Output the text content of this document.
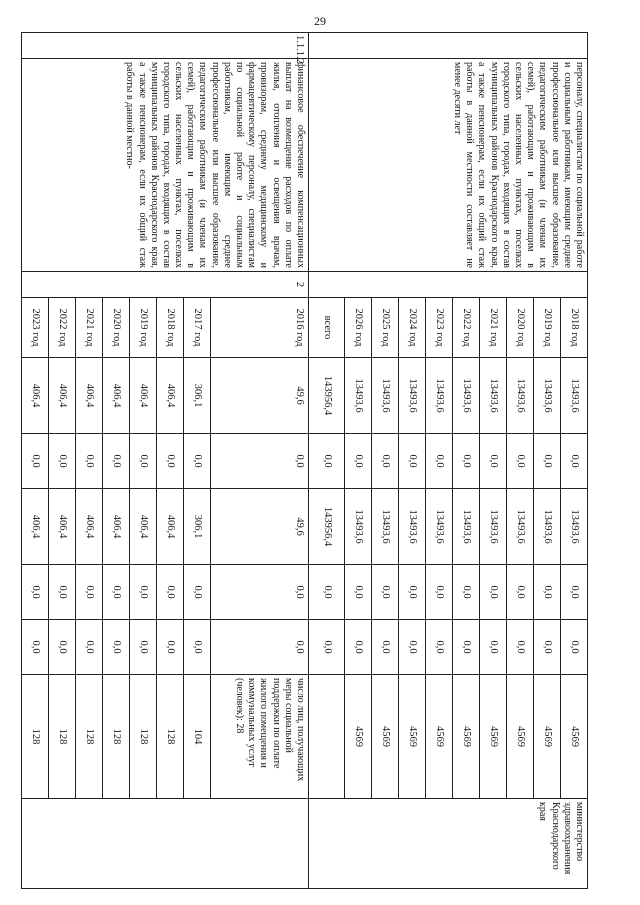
29
	персоналу, специалистам по социальной работе и социальным работникам, имеющим среднее профессиональное или высшее образование, педагогическим работникам (и членам их семей), работающим и проживающим в сельских населенных пунктах, поселках городского типа, городах, входящих в состав муниципальных районов Краснодарского края, а также пенсионерам, если их общий стаж работы в данной местности составляет не менее десяти лет		2018 год	13493,6	0,0	13493,6	0,0	0,0	4569	министерство здравоохранения Краснодарского края
			2019 год	13493,6	0,0	13493,6	0,0	0,0	4569	
			2020 год	13493,6	0,0	13493,6	0,0	0,0	4569	
			2021 год	13493,6	0,0	13493,6	0,0	0,0	4569	
			2022 год	13493,6	0,0	13493,6	0,0	0,0	4569	
			2023 год	13493,6	0,0	13493,6	0,0	0,0	4569	
			2024 год	13493,6	0,0	13493,6	0,0	0,0	4569	
			2025 год	13493,6	0,0	13493,6	0,0	0,0	4569	
			2026 год	13493,6	0,0	13493,6	0,0	0,0	4569	
			всего	143956,4	0,0	143956,4	0,0	0,0		
1.1.1.2	финансовое обеспечение компенсационных выплат на возмещение расходов по оплате жилья, отопления и освещения врачам, провизорам, среднему медицинскому и фармацевтическому персоналу, специалистам по социальной работе и социальным работникам, имеющим среднее профессиональное или высшее образование, педагогическим работникам (и членам их семей), работающим и проживающим в сельских населенных пунктах, поселках городского типа, городах, входящих в состав муниципальных районов Краснодарского края, а также пенсионерам, если их общий стаж работы в данной местно-	2	2016 год	49,6	0,0	49,6	0,0	0,0	число лиц, получающих меры социальной поддержки по оплате жилого помещения и коммунальных услуг (человек): 28	
			2017 год	306,1	0,0	306,1	0,0	0,0	104	
			2018 год	406,4	0,0	406,4	0,0	0,0	128	
			2019 год	406,4	0,0	406,4	0,0	0,0	128	
			2020 год	406,4	0,0	406,4	0,0	0,0	128	
			2021 год	406,4	0,0	406,4	0,0	0,0	128	
			2022 год	406,4	0,0	406,4	0,0	0,0	128	
			2023 год	406,4	0,0	406,4	0,0	0,0	128	
